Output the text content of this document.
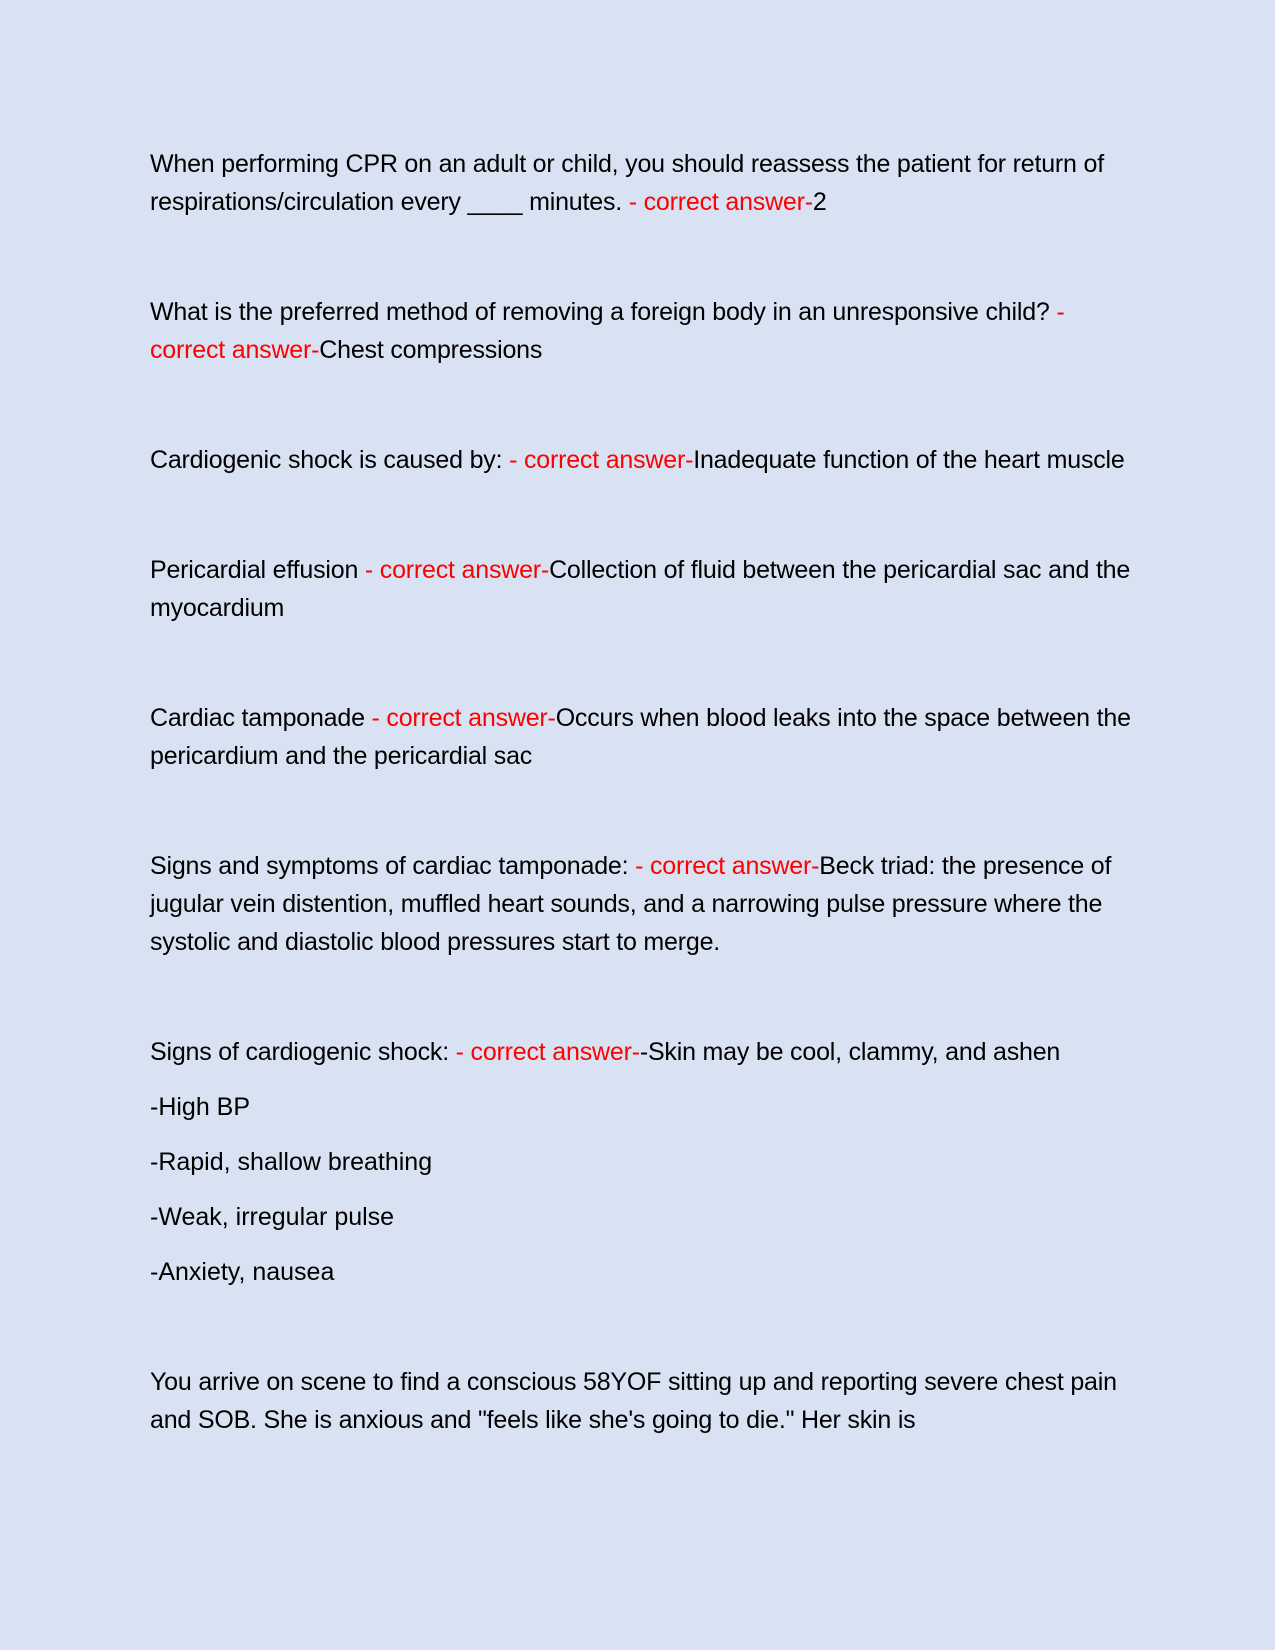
When performing CPR on an adult or child, you should reassess the patient for return of respirations/circulation every ____ minutes. - correct answer-2

What is the preferred method of removing a foreign body in an unresponsive child? - correct answer-Chest compressions

Cardiogenic shock is caused by: - correct answer-Inadequate function of the heart muscle

Pericardial effusion - correct answer-Collection of fluid between the pericardial sac and the myocardium

Cardiac tamponade - correct answer-Occurs when blood leaks into the space between the pericardium and the pericardial sac

Signs and symptoms of cardiac tamponade: - correct answer-Beck triad: the presence of jugular vein distention, muffled heart sounds, and a narrowing pulse pressure where the systolic and diastolic blood pressures start to merge.

Signs of cardiogenic shock: - correct answer--Skin may be cool, clammy, and ashen

-High BP

-Rapid, shallow breathing

-Weak, irregular pulse

-Anxiety, nausea

You arrive on scene to find a conscious 58YOF sitting up and reporting severe chest pain and SOB. She is anxious and "feels like she's going to die." Her skin is
